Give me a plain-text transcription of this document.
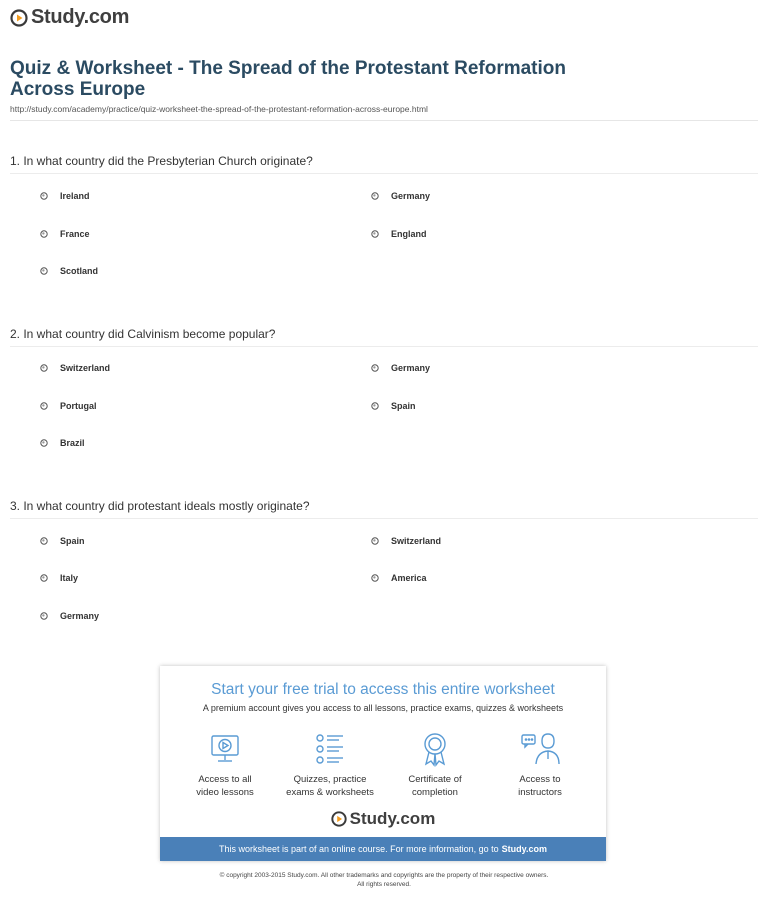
Study.com
Quiz & Worksheet - The Spread of the Protestant Reformation Across Europe
http://study.com/academy/practice/quiz-worksheet-the-spread-of-the-protestant-reformation-across-europe.html
1. In what country did the Presbyterian Church originate?
Ireland	Germany
France	England
Scotland
2. In what country did Calvinism become popular?
Switzerland	Germany
Portugal	Spain
Brazil
3. In what country did protestant ideals mostly originate?
Spain	Switzerland
Italy	America
Germany
Start your free trial to access this entire worksheet
A premium account gives you access to all lessons, practice exams, quizzes & worksheets
Access to all
video lessons
Quizzes, practice
exams & worksheets
Certificate of
completion
Access to
instructors
Study.com
This worksheet is part of an online course. For more information, go to Study.com
© copyright 2003-2015 Study.com. All other trademarks and copyrights are the property of their respective owners.
All rights reserved.
